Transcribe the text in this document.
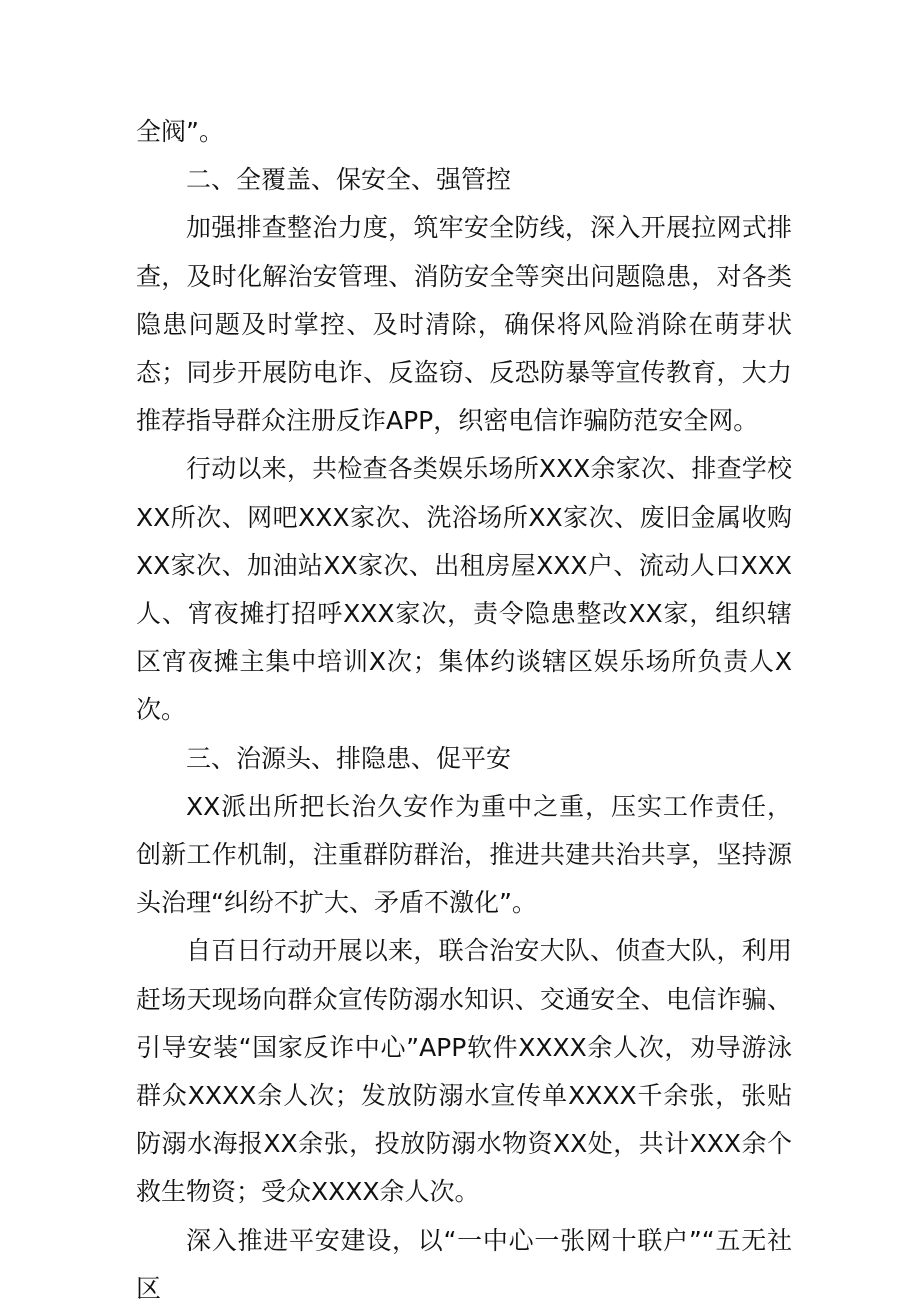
全阀”。

二、全覆盖、保安全、强管控

加强排查整治力度，筑牢安全防线，深入开展拉网式排查，及时化解治安管理、消防安全等突出问题隐患，对各类隐患问题及时掌控、及时清除，确保将风险消除在萌芽状态；同步开展防电诈、反盗窃、反恐防暴等宣传教育，大力推荐指导群众注册反诈APP，织密电信诈骗防范安全网。

行动以来，共检查各类娱乐场所XXX余家次、排查学校XX所次、网吧XXX家次、洗浴场所XX家次、废旧金属收购XX家次、加油站XX家次、出租房屋XXX户、流动人口XXX人、宵夜摊打招呼XXX家次，责令隐患整改XX家，组织辖区宵夜摊主集中培训X次；集体约谈辖区娱乐场所负责人X次。

三、治源头、排隐患、促平安

XX派出所把长治久安作为重中之重，压实工作责任，创新工作机制，注重群防群治，推进共建共治共享，坚持源头治理“纠纷不扩大、矛盾不激化”。

自百日行动开展以来，联合治安大队、侦查大队，利用赶场天现场向群众宣传防溺水知识、交通安全、电信诈骗、引导安装“国家反诈中心”APP软件XXXX余人次，劝导游泳群众XXXX余人次；发放防溺水宣传单XXXX千余张，张贴防溺水海报XX余张，投放防溺水物资XX处，共计XXX余个救生物资；受众XXXX余人次。

深入推进平安建设，以“一中心一张网十联户”“五无社区
